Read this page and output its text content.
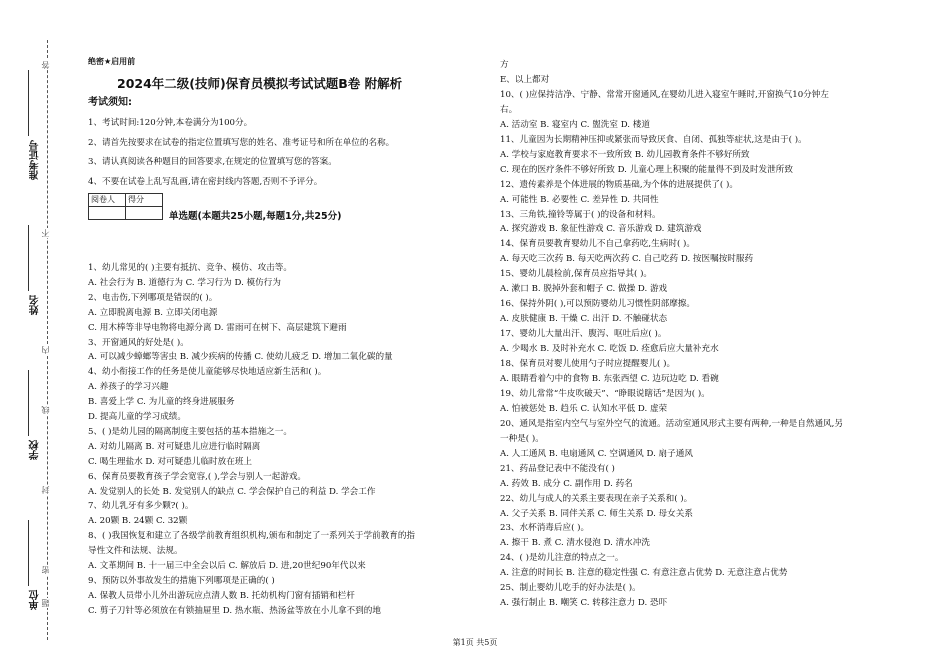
准考证号
姓名
学校
单位
答
不
内
线
封
密
题
绝密★启用前
2024年二级(技师)保育员模拟考试试题B卷 附解析
考试须知:
1、考试时间:120分钟,本卷满分为100分。
2、请首先按要求在试卷的指定位置填写您的姓名、准考证号和所在单位的名称。
3、请认真阅读各种题目的回答要求,在规定的位置填写您的答案。
4、不要在试卷上乱写乱画,请在密封线内答题,否则不予评分。
阅卷人	得分

单选题(本题共25小题,每题1分,共25分)
1、幼儿常见的( )主要有抵抗、竞争、模仿、攻击等。
A. 社会行为 B. 道德行为 C. 学习行为 D. 模仿行为
2、电击伤,下列哪项是错误的( )。
A. 立即脱离电源 B. 立即关闭电源
C. 用木棒等非导电物将电源分离 D. 雷雨可在树下、高层建筑下避雨
3、开窗通风的好处是( )。
A. 可以减少蟑螂等害虫 B. 减少疾病的传播 C. 使幼儿疲乏 D. 增加二氧化碳的量
4、幼小衔接工作的任务是使儿童能够尽快地适应新生活和( )。
A. 养孩子的学习兴趣
B. 喜爱上学 C. 为儿童的终身进展服务
D. 提高儿童的学习成绩。
5、( )是幼儿园的隔离制度主要包括的基本措施之一。
A. 对幼儿隔离 B. 对可疑患儿应进行临时隔离
C. 喝生理盐水 D. 对可疑患儿临时放在班上
6、保育员要教育孩子学会宽容,( ),学会与别人一起游戏。
A. 发觉别人的长处 B. 发觉别人的缺点 C. 学会保护自己的利益 D. 学会工作
7、幼儿乳牙有多少颗?( )。
A. 20颗 B. 24颗 C. 32颗
8、( )我国恢复和建立了各级学前教育组织机构,颁布和制定了一系列关于学前教育的指
导性文件和法规、法规。
A. 文革期间 B. 十一届三中全会以后 C. 解放后 D. 进,20世纪90年代以来
9、预防以外事故发生的措施下列哪项是正确的( )
A. 保教人员带小儿外出游玩应点清人数 B. 托幼机构门窗有插销和栏杆
C. 剪子刀针等必须放在有锁抽屉里 D. 热水瓶、热汤盆等放在小儿拿不到的地
方
E、以上都对
10、( )应保持洁净、宁静、常常开窗通风,在婴幼儿进入寝室午睡时,开窗换气10分钟左
右。
A. 活动室 B. 寝室内 C. 盥洗室 D. 楼道
11、儿童因为长期精神压抑或紧张而导致厌食、自闭、孤独等症状,这是由于( )。
A. 学校与家庭教育要求不一致所致 B. 幼儿园教育条件不够好所致
C. 现在的医疗条件不够好所致 D. 儿童心理上积聚的能量得不到及时发泄所致
12、遗传素养是个体进展的物质基础,为个体的进展提供了( )。
A. 可能性 B. 必要性 C. 差异性 D. 共同性
13、三角铁,撞铃等属于( )的设备和材料。
A. 探究游戏 B. 象征性游戏 C. 音乐游戏 D. 建筑游戏
14、保育员要教育婴幼儿不自己拿药吃,生病时( )。
A. 每天吃三次药 B. 每天吃两次药 C. 自己吃药 D. 按医嘱按时服药
15、婴幼儿晨检前,保育员应指导其( )。
A. 漱口 B. 脱掉外套和帽子 C. 做操 D. 游戏
16、保持外阴( ),可以预防婴幼儿习惯性阴部摩擦。
A. 皮肤健康 B. 干燥 C. 出汗 D. 不触碰状态
17、婴幼儿大量出汗、腹泻、呕吐后应( )。
A. 少喝水 B. 及时补充水 C. 吃饭 D. 痊愈后应大量补充水
18、保育员对婴儿使用勺子时应提醒婴儿( )。
A. 眼睛看着勺中的食物 B. 东张西望 C. 边玩边吃 D. 看碗
19、幼儿常常“牛皮吹破天”、“睁眼说瞎话”是因为( )。
A. 怕被惩处 B. 趋乐 C. 认知水平低 D. 虚荣
20、通风是指室内空气与室外空气的流通。活动室通风形式主要有两种,一种是自然通风,另
一种是( )。
A. 人工通风 B. 电扇通风 C. 空调通风 D. 扇子通风
21、药品登记表中不能没有( )
A. 药效 B. 成分 C. 副作用 D. 药名
22、幼儿与成人的关系主要表现在亲子关系和( )。
A. 父子关系 B. 同伴关系 C. 师生关系 D. 母女关系
23、水杯消毒后应( )。
A. 擦干 B. 煮 C. 清水侵泡 D. 清水冲洗
24、( )是幼儿注意的特点之一。
A. 注意的时间长 B. 注意的稳定性强 C. 有意注意占优势 D. 无意注意占优势
25、制止婴幼儿吃手的好办法是( )。
A. 强行制止 B. 嘲笑 C. 转移注意力 D. 恐吓
第1页 共5页
